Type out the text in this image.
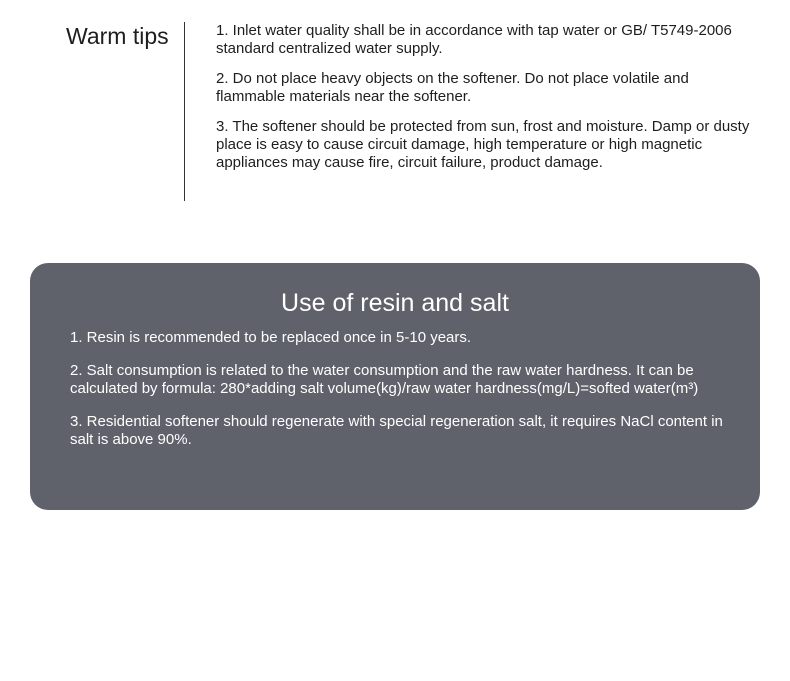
Warm tips	1. Inlet water quality shall be in accordance with tap water or GB/ T5749-2006 standard centralized water supply.
2. Do not place heavy objects on the softener. Do not place volatile and flammable materials near the softener.
3. The softener should be protected from sun, frost and moisture. Damp or dusty place is easy to cause circuit damage, high temperature or high magnetic appliances may cause fire, circuit failure, product damage.
Use of resin and salt
1. Resin is recommended to be replaced once in 5-10 years.
2. Salt consumption is related to the water consumption and the raw water hardness. It can be calculated by formula: 280*adding salt volume(kg)/raw water hardness(mg/L)=softed water(m³)
3. Residential softener should regenerate with special regeneration salt, it requires NaCl content in salt is above 90%.
